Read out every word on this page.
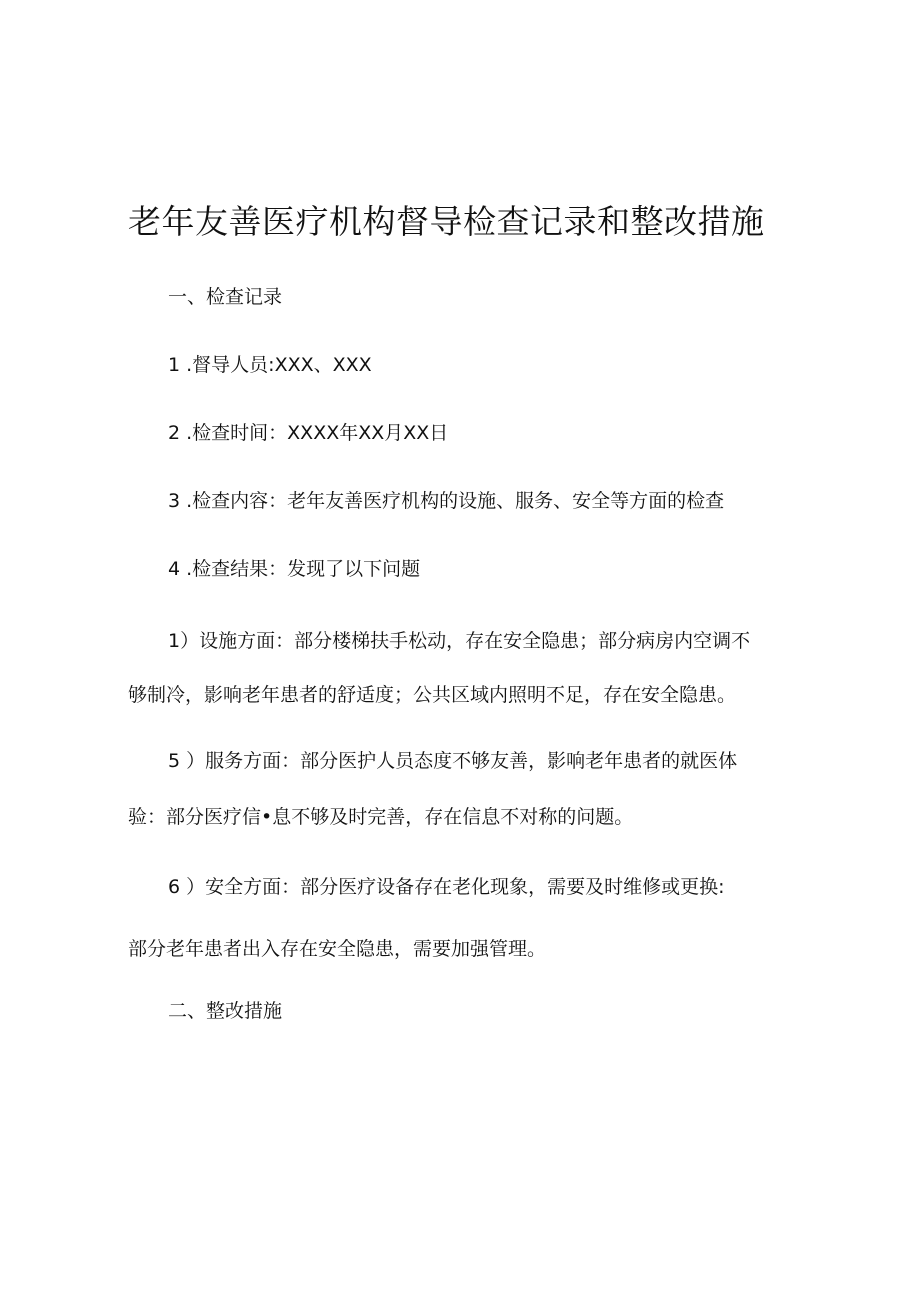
老年友善医疗机构督导检查记录和整改措施

一、检查记录

1 .督导人员:XXX、XXX

2 .检查时间：XXXX年XX月XX日

3 .检查内容：老年友善医疗机构的设施、服务、安全等方面的检查

4 .检查结果：发现了以下问题

1）设施方面：部分楼梯扶手松动，存在安全隐患；部分病房内空调不

够制冷，影响老年患者的舒适度；公共区域内照明不足，存在安全隐患。

5 ）服务方面：部分医护人员态度不够友善，影响老年患者的就医体

验：部分医疗信•息不够及时完善，存在信息不对称的问题。

6 ）安全方面：部分医疗设备存在老化现象，需要及时维修或更换:

部分老年患者出入存在安全隐患，需要加强管理。

二、整改措施
